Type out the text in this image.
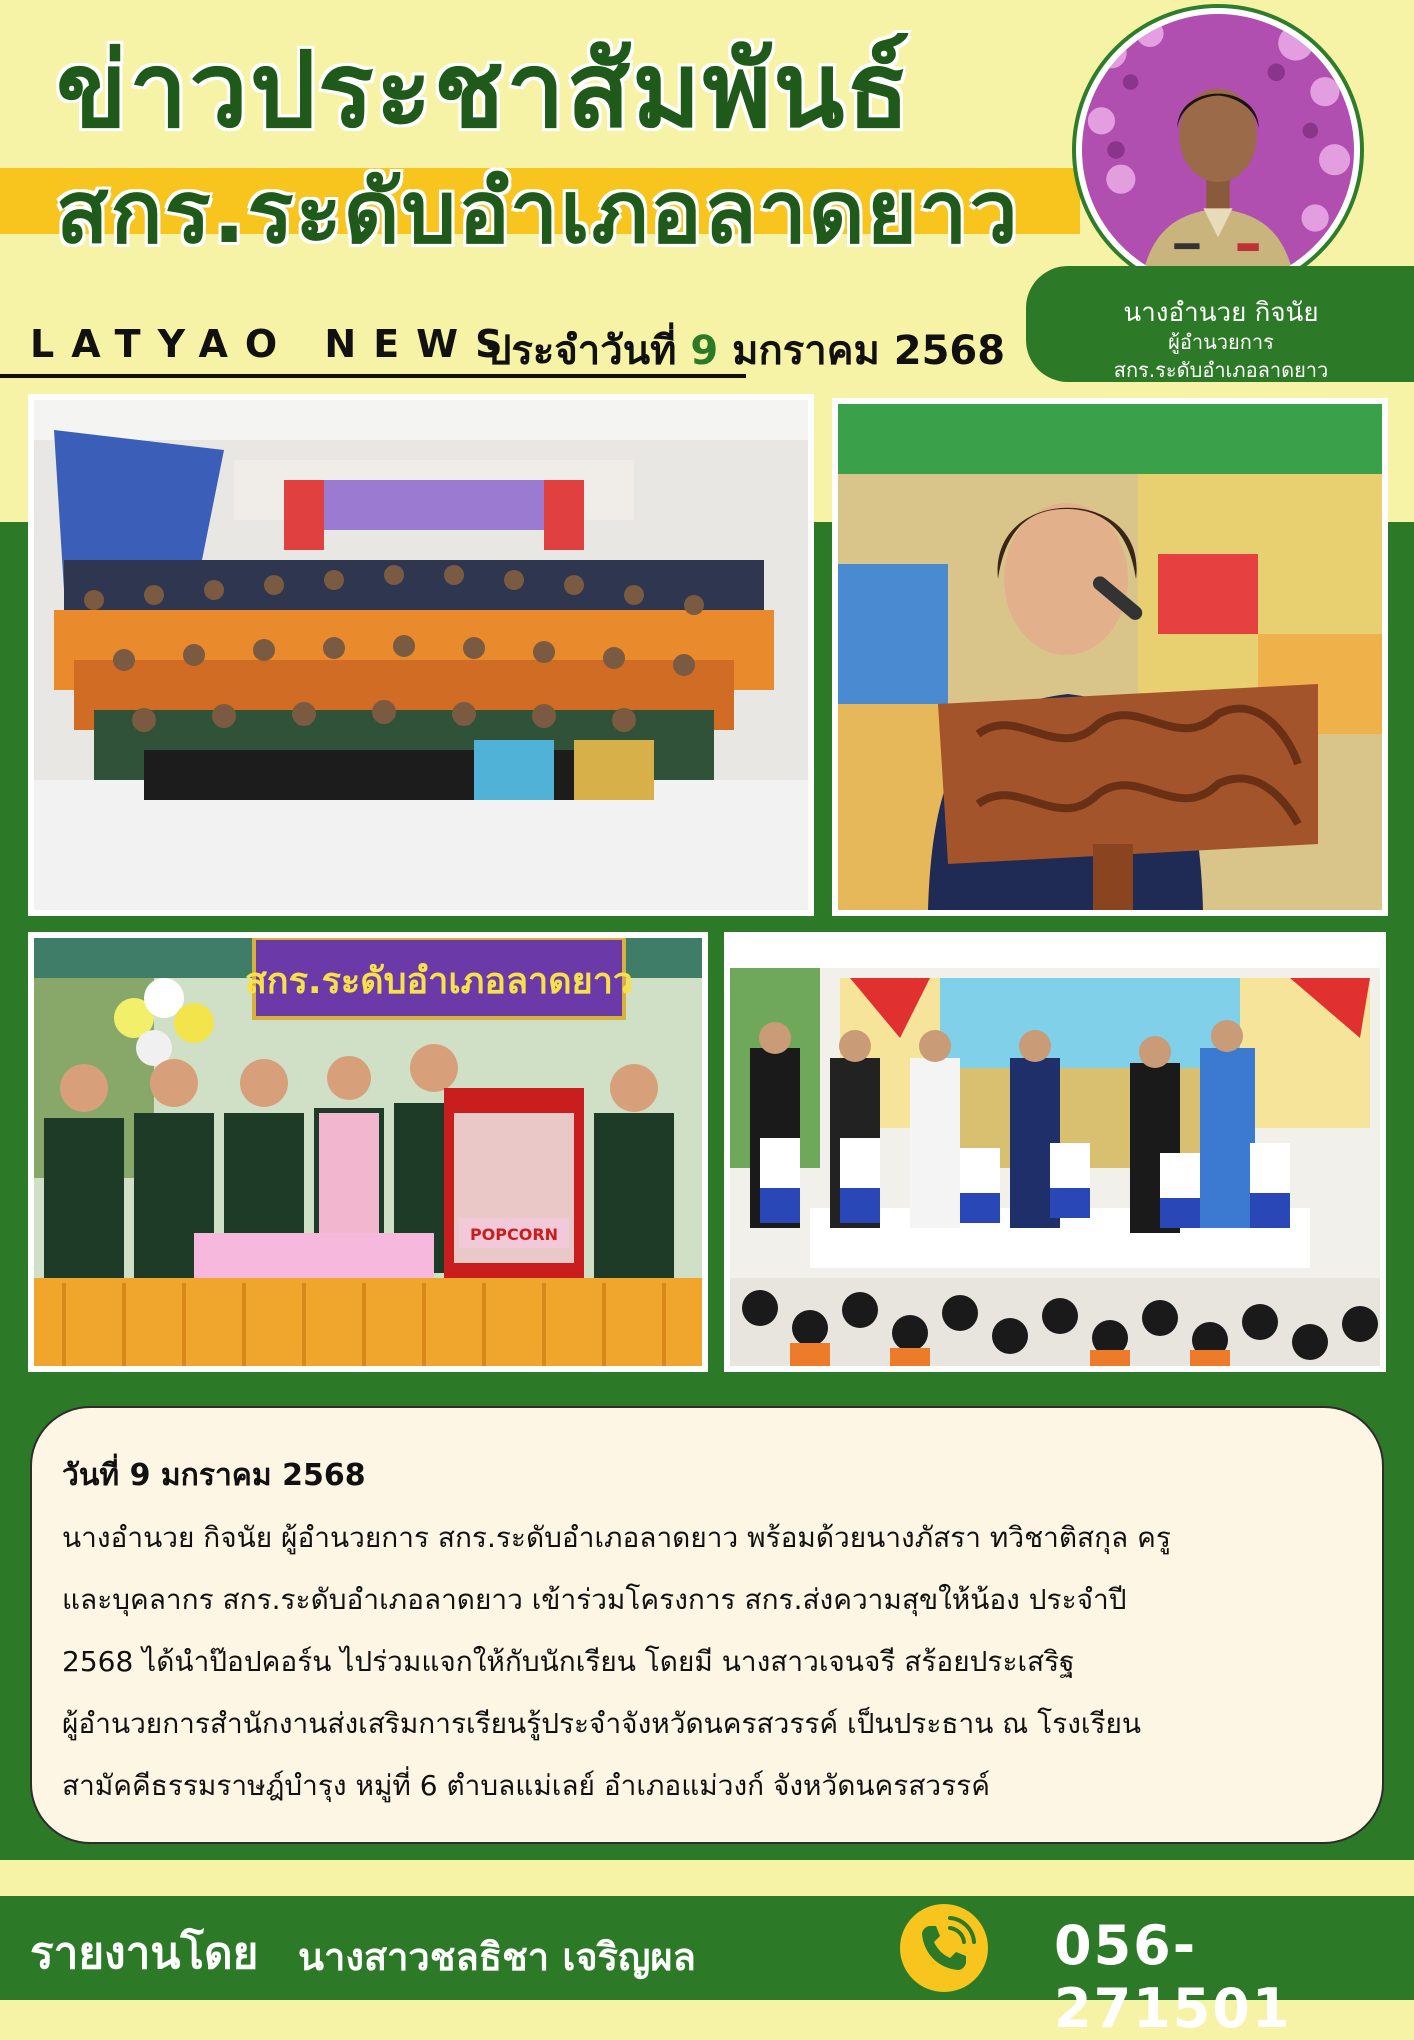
ข่าวประชาสัมพันธ์
สกร.ระดับอำเภอลาดยาว
นางอำนวย กิจนัย
ผู้อำนวยการ
สกร.ระดับอำเภอลาดยาว
LATYAO NEWS
ประจำวันที่ 9 มกราคม 2568
สกร.ระดับอำเภอลาดยาว
POPCORN
วันที่ 9 มกราคม 2568
นางอำนวย กิจนัย ผู้อำนวยการ สกร.ระดับอำเภอลาดยาว พร้อมด้วยนางภัสรา ทวิชาติสกุล ครู
และบุคลากร สกร.ระดับอำเภอลาดยาว เข้าร่วมโครงการ สกร.ส่งความสุขให้น้อง ประจำปี
2568 ได้นำป๊อปคอร์น ไปร่วมแจกให้กับนักเรียน โดยมี นางสาวเจนจรี สร้อยประเสริฐ
ผู้อำนวยการสำนักงานส่งเสริมการเรียนรู้ประจำจังหวัดนครสวรรค์ เป็นประธาน ณ โรงเรียน
สามัคคีธรรมราษฎ์บำรุง หมู่ที่ 6 ตำบลแม่เลย์ อำเภอแม่วงก์ จังหวัดนครสวรรค์
รายงานโดย นางสาวชลธิชา เจริญผล	056-271501
